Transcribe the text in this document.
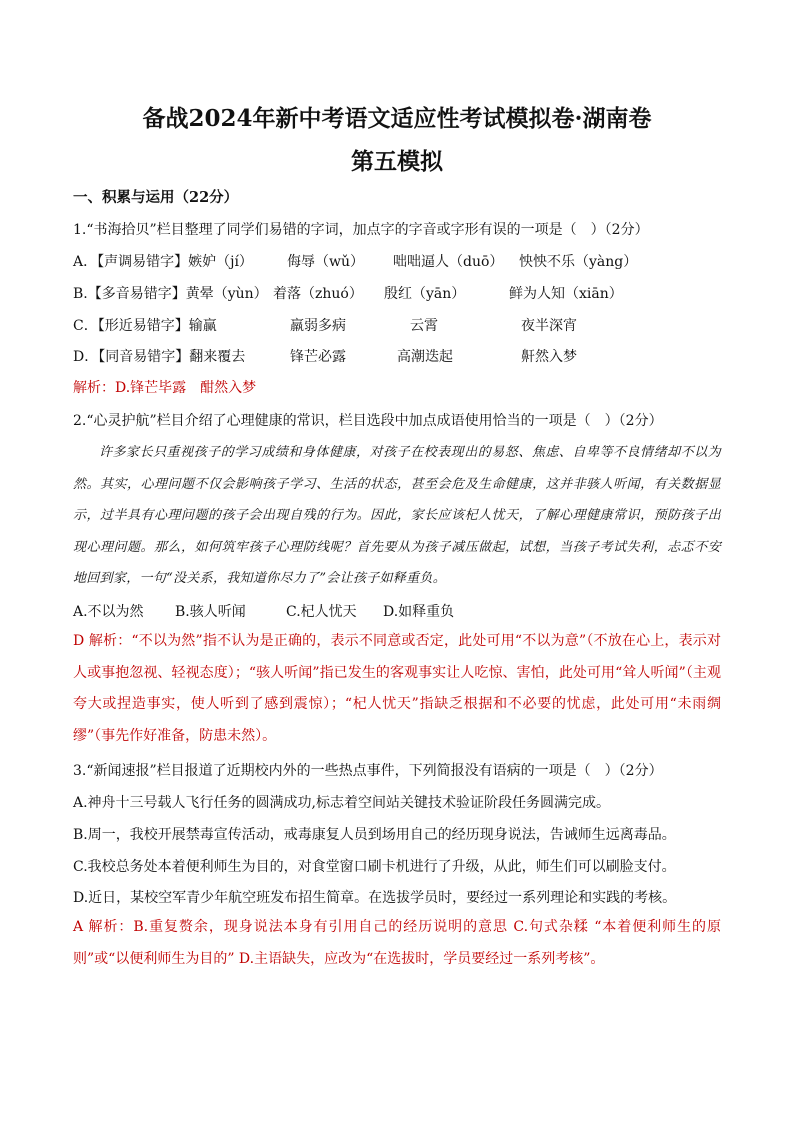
备战2024年新中考语文适应性考试模拟卷·湖南卷
第五模拟
一、积累与运用（22分）
1.“书海拾贝”栏目整理了同学们易错的字词，加点字的字音或字形有误的一项是（　）（2分）
A．【声调易错字】嫉妒（jí） 侮辱（wǔ） 咄咄逼人（duō） 怏怏不乐（yàng）
B.【多音易错字】黄晕（yùn） 着落（zhuó） 殷红（yān）	鲜为人知（xiān）
C．【形近易错字】输赢	羸弱多病	云霄	夜半深宵
D．【同音易错字】翻来覆去	锋芒必露	高潮迭起	鼾然入梦
解析：D.锋芒毕露　酣然入梦
2.“心灵护航”栏目介绍了心理健康的常识，栏目选段中加点成语使用恰当的一项是（　）（2分）

许多家长只重视孩子的学习成绩和身体健康，对孩子在校表现出的易怒、焦虑、自卑等不良情绪却不以为然。其实，心理问题不仅会影响孩子学习、生活的状态，甚至会危及生命健康，这并非骇人听闻，有关数据显示，过半具有心理问题的孩子会出现自残的行为。因此，家长应该杞人忧天，了解心理健康常识，预防孩子出现心理问题。那么，如何筑牢孩子心理防线呢？首先要从为孩子减压做起，试想，当孩子考试失利，忐忑不安地回到家，一句“没关系，我知道你尽力了”会让孩子如释重负。

A.不以为然 B.骇人听闻	C.杞人忧天 D.如释重负

D 解析：“不以为然”指不认为是正确的，表示不同意或否定，此处可用“不以为意”（不放在心上，表示对人或事抱忽视、轻视态度）；“骇人听闻”指已发生的客观事实让人吃惊、害怕，此处可用“耸人听闻”（主观夸大或捏造事实，使人听到了感到震惊）；“杞人忧天”指缺乏根据和不必要的忧虑，此处可用“未雨绸缪”（事先作好准备，防患未然）。

3.“新闻速报”栏目报道了近期校内外的一些热点事件，下列简报没有语病的一项是（　）（2分）
A.神舟十三号载人飞行任务的圆满成功,标志着空间站关键技术验证阶段任务圆满完成。
B.周一，我校开展禁毒宣传活动，戒毒康复人员到场用自己的经历现身说法，告诫师生远离毒品。
C.我校总务处本着便利师生为目的，对食堂窗口刷卡机进行了升级，从此，师生们可以刷脸支付。
D.近日，某校空军青少年航空班发布招生简章。在选拔学员时，要经过一系列理论和实践的考核。

A 解析：B.重复赘余，现身说法本身有引用自己的经历说明的意思 C.句式杂糅 “本着便利师生的原则”或“以便利师生为目的” D.主语缺失，应改为“在选拔时，学员要经过一系列考核”。
